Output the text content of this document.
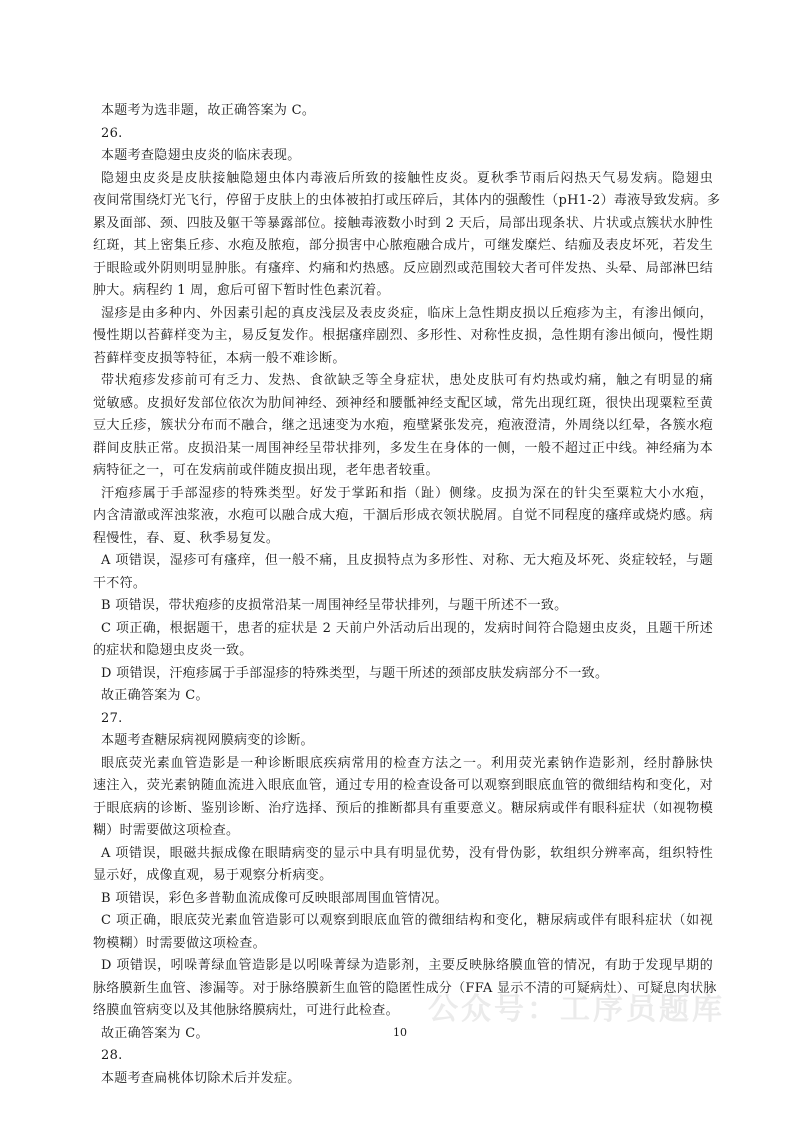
本题考为选非题，故正确答案为 C。
26.
本题考查隐翅虫皮炎的临床表现。
隐翅虫皮炎是皮肤接触隐翅虫体内毒液后所致的接触性皮炎。夏秋季节雨后闷热天气易发病。隐翅虫
夜间常围绕灯光飞行，停留于皮肤上的虫体被拍打或压碎后，其体内的强酸性（pH1-2）毒液导致发病。多
累及面部、颈、四肢及躯干等暴露部位。接触毒液数小时到 2 天后，局部出现条状、片状或点簇状水肿性
红斑，其上密集丘疹、水疱及脓疱，部分损害中心脓疱融合成片，可继发糜烂、结痂及表皮坏死，若发生
于眼睑或外阴则明显肿胀。有瘙痒、灼痛和灼热感。反应剧烈或范围较大者可伴发热、头晕、局部淋巴结
肿大。病程约 1 周，愈后可留下暂时性色素沉着。
湿疹是由多种内、外因素引起的真皮浅层及表皮炎症，临床上急性期皮损以丘疱疹为主，有渗出倾向，
慢性期以苔藓样变为主，易反复发作。根据瘙痒剧烈、多形性、对称性皮损，急性期有渗出倾向，慢性期
苔藓样变皮损等特征，本病一般不难诊断。
带状疱疹发疹前可有乏力、发热、食欲缺乏等全身症状，患处皮肤可有灼热或灼痛，触之有明显的痛
觉敏感。皮损好发部位依次为肋间神经、颈神经和腰骶神经支配区域，常先出现红斑，很快出现粟粒至黄
豆大丘疹，簇状分布而不融合，继之迅速变为水疱，疱壁紧张发亮，疱液澄清，外周绕以红晕，各簇水疱
群间皮肤正常。皮损沿某一周围神经呈带状排列，多发生在身体的一侧，一般不超过正中线。神经痛为本
病特征之一，可在发病前或伴随皮损出现，老年患者较重。
汗疱疹属于手部湿疹的特殊类型。好发于掌跖和指（趾）侧缘。皮损为深在的针尖至粟粒大小水疱，
内含清澈或浑浊浆液，水疱可以融合成大疱，干涸后形成衣领状脱屑。自觉不同程度的瘙痒或烧灼感。病
程慢性，春、夏、秋季易复发。
A 项错误，湿疹可有瘙痒，但一般不痛，且皮损特点为多形性、对称、无大疱及坏死、炎症较轻，与题
干不符。
B 项错误，带状疱疹的皮损常沿某一周围神经呈带状排列，与题干所述不一致。
C 项正确，根据题干，患者的症状是 2 天前户外活动后出现的，发病时间符合隐翅虫皮炎，且题干所述
的症状和隐翅虫皮炎一致。
D 项错误，汗疱疹属于手部湿疹的特殊类型，与题干所述的颈部皮肤发病部分不一致。
故正确答案为 C。
27.
本题考查糖尿病视网膜病变的诊断。
眼底荧光素血管造影是一种诊断眼底疾病常用的检查方法之一。利用荧光素钠作造影剂，经肘静脉快
速注入，荧光素钠随血流进入眼底血管，通过专用的检查设备可以观察到眼底血管的微细结构和变化，对
于眼底病的诊断、鉴别诊断、治疗选择、预后的推断都具有重要意义。糖尿病或伴有眼科症状（如视物模
糊）时需要做这项检查。
A 项错误，眼磁共振成像在眼睛病变的显示中具有明显优势，没有骨伪影，软组织分辨率高，组织特性
显示好，成像直观，易于观察分析病变。
B 项错误，彩色多普勒血流成像可反映眼部周围血管情况。
C 项正确，眼底荧光素血管造影可以观察到眼底血管的微细结构和变化，糖尿病或伴有眼科症状（如视
物模糊）时需要做这项检查。
D 项错误，吲哚菁绿血管造影是以吲哚菁绿为造影剂，主要反映脉络膜血管的情况，有助于发现早期的
脉络膜新生血管、渗漏等。对于脉络膜新生血管的隐匿性成分（FFA 显示不清的可疑病灶）、可疑息肉状脉
络膜血管病变以及其他脉络膜病灶，可进行此检查。
故正确答案为 C。
28.
本题考查扁桃体切除术后并发症。
公众号：工序员题库
10
